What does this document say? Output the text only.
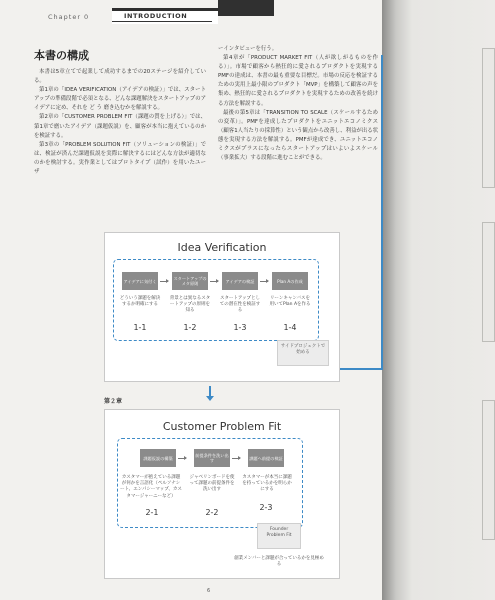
Chapter 0	INTRODUCTION
本書の構成

本書は5章立てで起業して成功するまでの20ステージを紹介している。

第1章の「IDEA VERIFICATION（アイデアの検証）」では、スタートアップの準備段階で必須となる、どんな課題解決をスタートアップのアイデアに定め、それを ど う 磨き込むかを解説する。

第2章の「CUSTOMER PROBLEM FIT（課題の質を上げる）」では、第1章で磨いたアイデア（課題仮説）を、顧客が本当に抱えているのかを検証する。

第3章の「PROBLEM SOLUTION FIT（ソリューションの検証）」では、検証が済んだ課題仮説を実際に解決するにはどんな方法が適切なのかを検討する。実作業としてはプロトタイプ（試作）を用いたユーザ

ーインタビューを行う。

第4章が「PRODUCT MARKET FIT（人が欲しがるものを作る）」。市場で顧客から熱狂的に愛されるプロダクトを実現するPMFの達成は、本書の最も重要な目標だ。市場の反応を検証するための実用上最小限のプロダクト「MVP」を構築して顧客の声を集め、熱狂的に愛されるプロダクトを実現するための改善を続ける方法を解説する。

最後の第5章は「TRANSITION TO SCALE（スケールするための変革）」。PMFを達成したプロダクトをユニットエコノミクス（顧客1人当たりの採算性）という観点から改善し、利益が出る状態を実現する方法を解説する。PMFが達成でき、ユニットエコノミクスがプラスになったらスタートアップはいよいよスケール（事業拡大）する段階に進むことができる。

Idea Verification
アイデアに気付く	スタートアップのメタ原則	アイデアの検証	Plan Aの作成
どういう課題を解決するか明確にする
背景とは異なるスタートアップの原則を知る
スタートアップとしての潜在性を検証する
リーンキャンバスを用いてPlan Aを作る
1-1	1-2	1-3	1-4
サイドプロジェクトで始める
第２章
Customer Problem Fit
課題仮説の構築	前提条件を洗い出す	課題へ前提の検証
カスタマーが抱えている課題が何かを言語化（ペルソナシート、エンパシーマップ、カスタマージャーニーなど）
ジャベリンボードを使って課題の前提条件を洗い出す
カスタマーが本当に課題を持っているかを明らかにする
2-1	2-2
2-3
Founder Problem Fit
創業メンバーと課題が合っているかを見極める
6
